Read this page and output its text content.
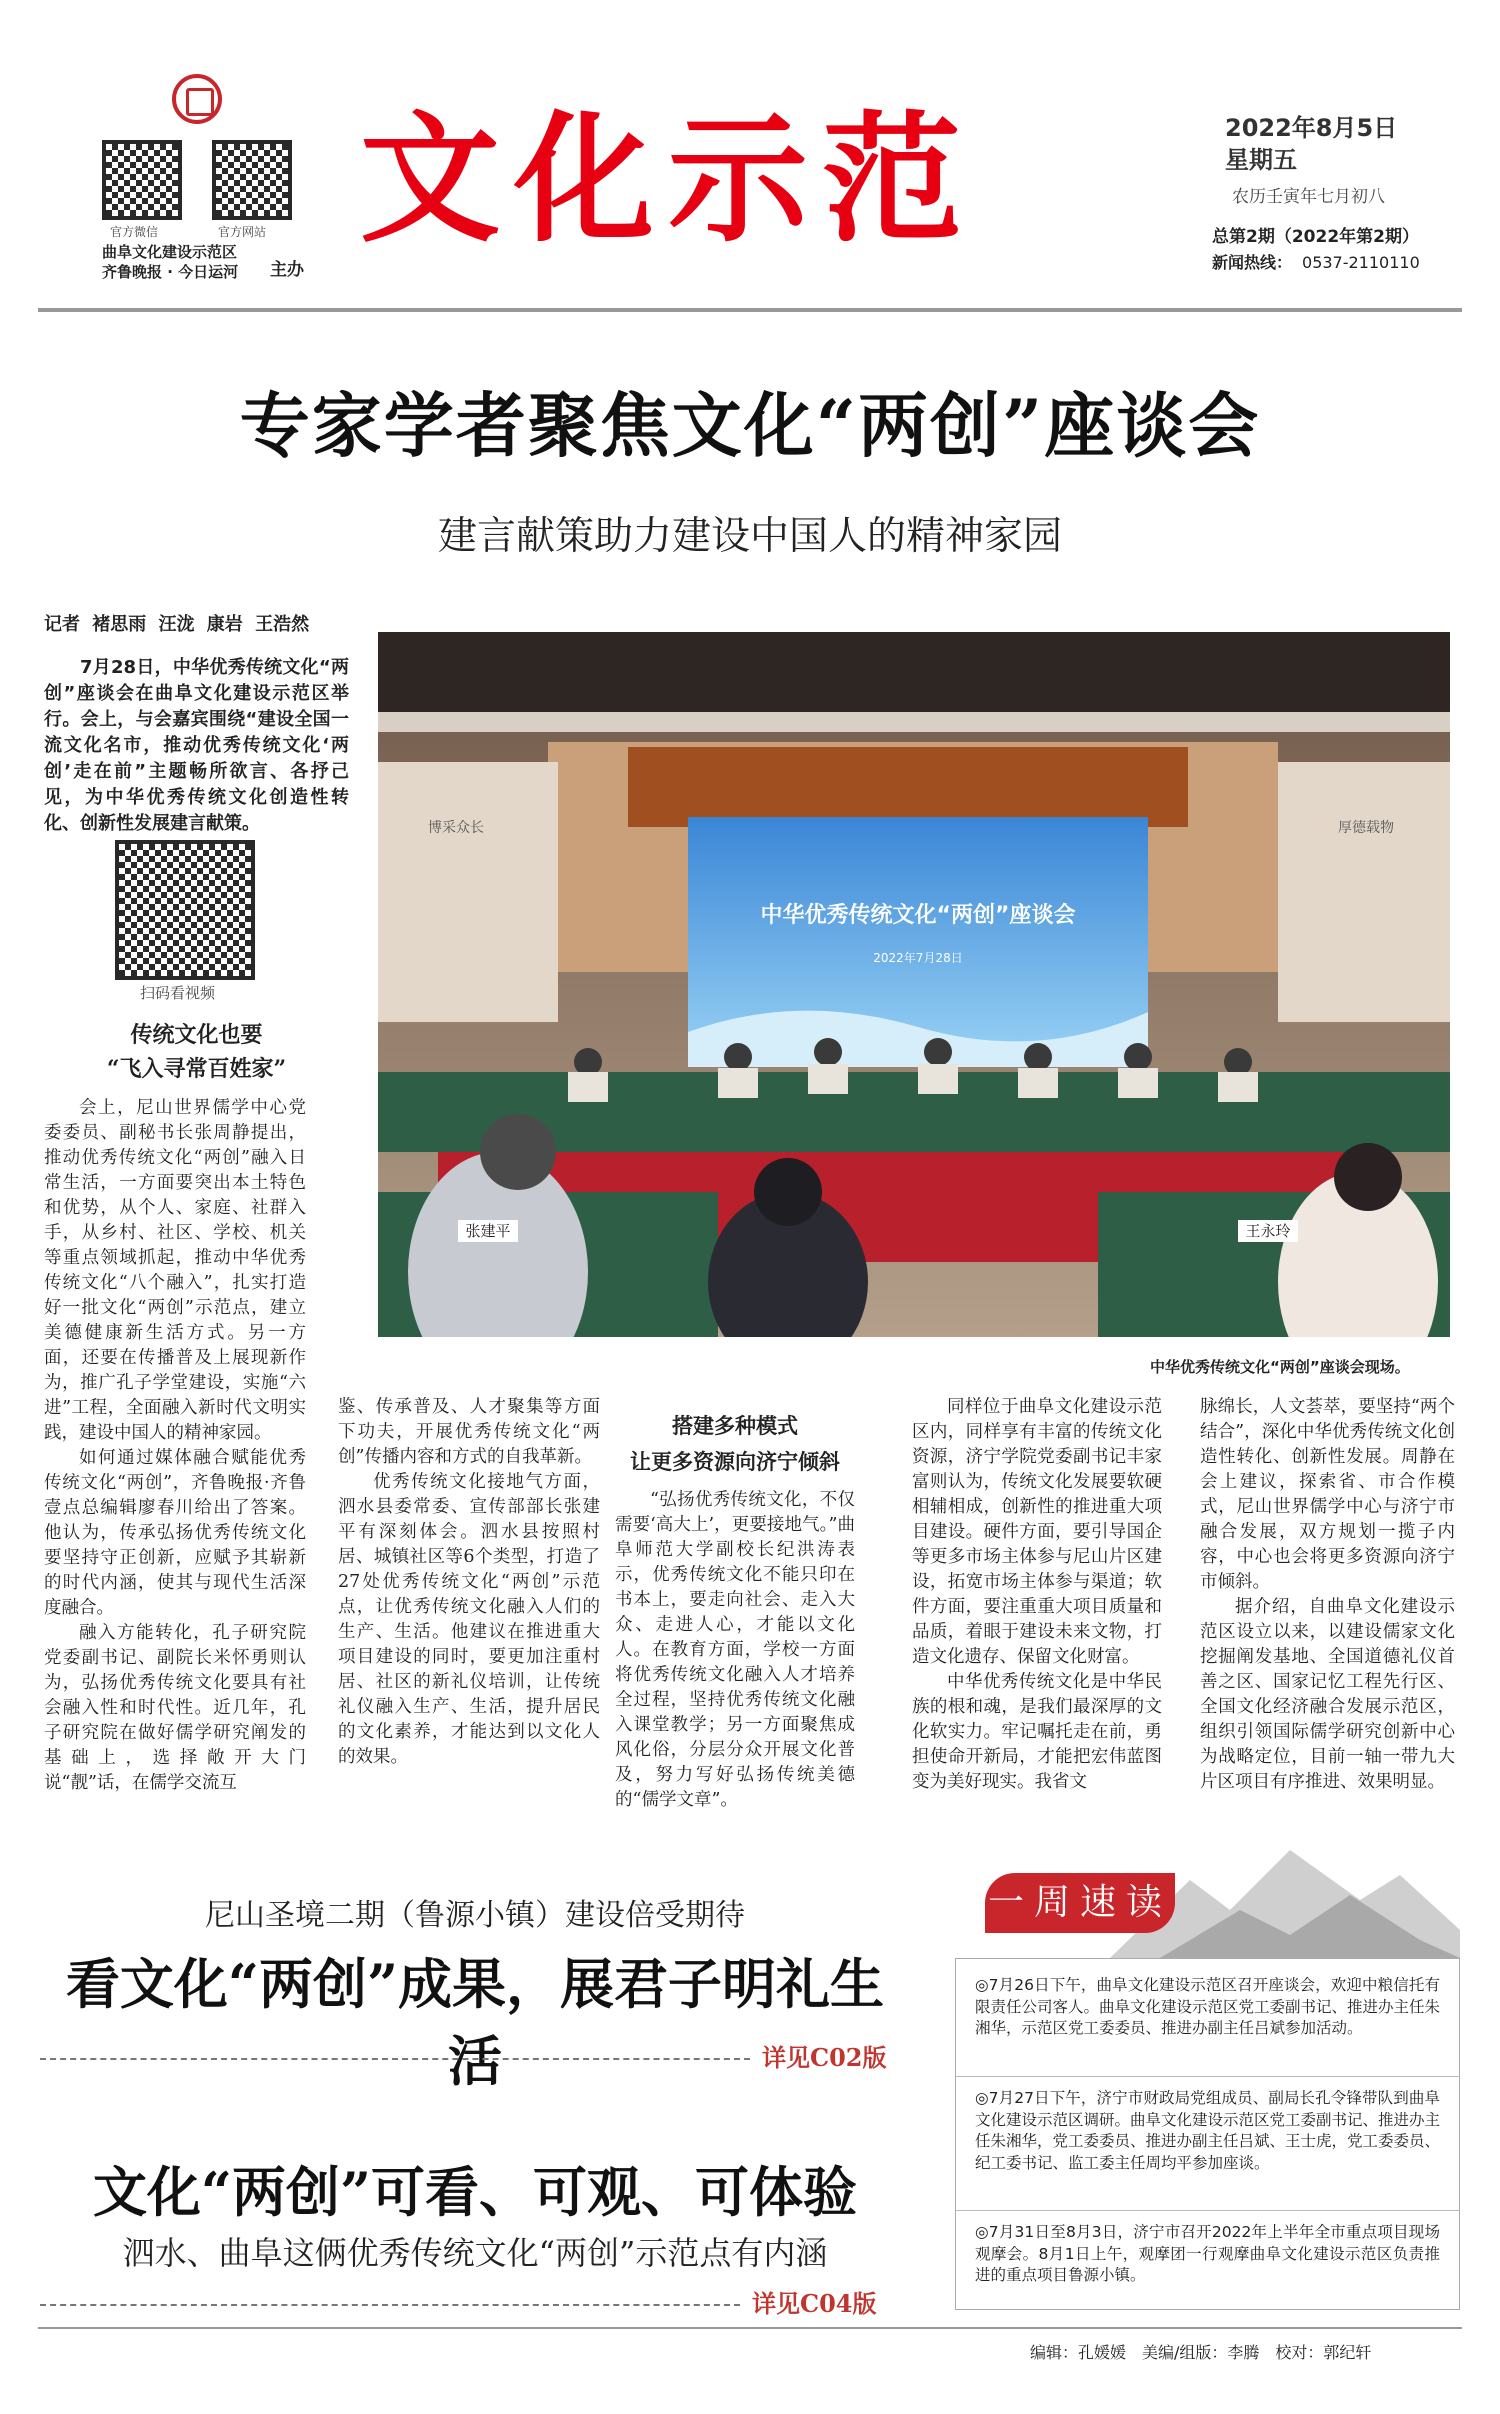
官方微信	官方网站
曲阜文化建设示范区
齐鲁晚报 · 今日运河 主办
文化示范	2022年8月5日
星期五
农历壬寅年七月初八
总第2期（2022年第2期）
新闻热线： 0537-2110110
专家学者聚焦文化“两创”座谈会
建言献策助力建设中国人的精神家园
记者 褚思雨 汪泷 康岩 王浩然

7月28日，中华优秀传统文化“两创”座谈会在曲阜文化建设示范区举行。会上，与会嘉宾围绕“建设全国一流文化名市，推动优秀传统文化‘两创’走在前”主题畅所欲言、各抒己见，为中华优秀传统文化创造性转化、创新性发展建言献策。

扫码看视频
传统文化也要
“飞入寻常百姓家”

会上，尼山世界儒学中心党委委员、副秘书长张周静提出，推动优秀传统文化“两创”融入日常生活，一方面要突出本土特色和优势，从个人、家庭、社群入手，从乡村、社区、学校、机关等重点领域抓起，推动中华优秀传统文化“八个融入”，扎实打造好一批文化“两创”示范点，建立美德健康新生活方式。另一方面，还要在传播普及上展现新作为，推广孔子学堂建设，实施“六进”工程，全面融入新时代文明实践，建设中国人的精神家园。

如何通过媒体融合赋能优秀传统文化“两创”，齐鲁晚报·齐鲁壹点总编辑廖春川给出了答案。他认为，传承弘扬优秀传统文化要坚持守正创新，应赋予其崭新的时代内涵，使其与现代生活深度融合。

融入方能转化，孔子研究院党委副书记、副院长米怀勇则认为，弘扬优秀传统文化要具有社会融入性和时代性。近几年，孔子研究院在做好儒学研究阐发的基础上，选择敞开大门说“靓”话，在儒学交流互

中华优秀传统文化“两创”座谈会
2022年7月28日
博采众长	厚德载物
张建平	王永玲
中华优秀传统文化“两创”座谈会现场。

鉴、传承普及、人才聚集等方面下功夫，开展优秀传统文化“两创”传播内容和方式的自我革新。

优秀传统文化接地气方面，泗水县委常委、宣传部部长张建平有深刻体会。泗水县按照村居、城镇社区等6个类型，打造了27处优秀传统文化“两创”示范点，让优秀传统文化融入人们的生产、生活。他建议在推进重大项目建设的同时，要更加注重村居、社区的新礼仪培训，让传统礼仪融入生产、生活，提升居民的文化素养，才能达到以文化人的效果。

搭建多种模式
让更多资源向济宁倾斜

“弘扬优秀传统文化，不仅需要‘高大上’，更要接地气。”曲阜师范大学副校长纪洪涛表示，优秀传统文化不能只印在书本上，要走向社会、走入大众、走进人心，才能以文化人。在教育方面，学校一方面将优秀传统文化融入人才培养全过程，坚持优秀传统文化融入课堂教学；另一方面聚焦成风化俗，分层分众开展文化普及，努力写好弘扬传统美德的“儒学文章”。

同样位于曲阜文化建设示范区内，同样享有丰富的传统文化资源，济宁学院党委副书记丰家富则认为，传统文化发展要软硬相辅相成，创新性的推进重大项目建设。硬件方面，要引导国企等更多市场主体参与尼山片区建设，拓宽市场主体参与渠道；软件方面，要注重重大项目质量和品质，着眼于建设未来文物，打造文化遗存、保留文化财富。

中华优秀传统文化是中华民族的根和魂，是我们最深厚的文化软实力。牢记嘱托走在前，勇担使命开新局，才能把宏伟蓝图变为美好现实。我省文

脉绵长，人文荟萃，要坚持“两个结合”，深化中华优秀传统文化创造性转化、创新性发展。周静在会上建议，探索省、市合作模式，尼山世界儒学中心与济宁市融合发展，双方规划一揽子内容，中心也会将更多资源向济宁市倾斜。

据介绍，自曲阜文化建设示范区设立以来，以建设儒家文化挖掘阐发基地、全国道德礼仪首善之区、国家记忆工程先行区、全国文化经济融合发展示范区，组织引领国际儒学研究创新中心为战略定位，目前一轴一带九大片区项目有序推进、效果明显。

尼山圣境二期（鲁源小镇）建设倍受期待
看文化“两创”成果，展君子明礼生活	详见C02版
文化“两创”可看、可观、可体验
泗水、曲阜这俩优秀传统文化“两创”示范点有内涵
详见C04版
一周速读
◎7月26日下午，曲阜文化建设示范区召开座谈会，欢迎中粮信托有限责任公司客人。曲阜文化建设示范区党工委副书记、推进办主任朱湘华，示范区党工委委员、推进办副主任吕斌参加活动。
◎7月27日下午，济宁市财政局党组成员、副局长孔令锋带队到曲阜文化建设示范区调研。曲阜文化建设示范区党工委副书记、推进办主任朱湘华，党工委委员、推进办副主任吕斌、王士虎，党工委委员、纪工委书记、监工委主任周均平参加座谈。
◎7月31日至8月3日，济宁市召开2022年上半年全市重点项目现场观摩会。8月1日上午，观摩团一行观摩曲阜文化建设示范区负责推进的重点项目鲁源小镇。
编辑：孔媛媛　美编/组版：李腾　校对：郭纪轩
